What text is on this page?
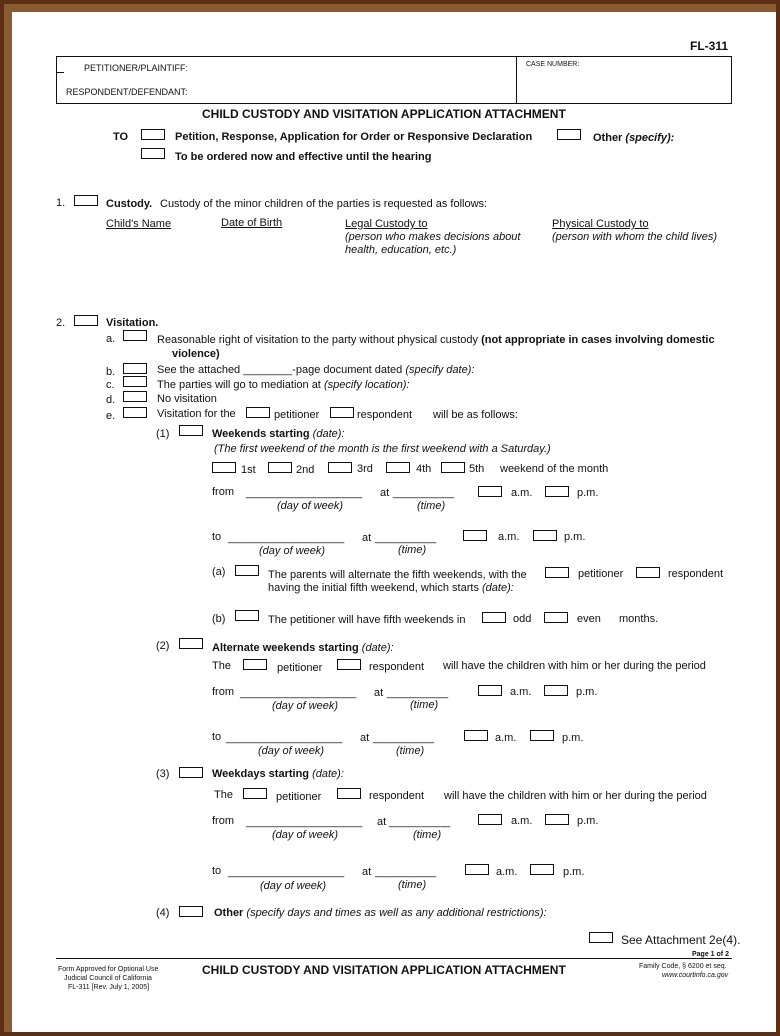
FL-311
PETITIONER/PLAINTIFF:
RESPONDENT/DEFENDANT:
CASE NUMBER:
CHILD CUSTODY AND VISITATION APPLICATION ATTACHMENT
TO	Petition, Response, Application for Order or Responsive Declaration	Other (specify):
To be ordered now and effective until the hearing
1.	Custody. Custody of the minor children of the parties is requested as follows:
Child's Name	Date of Birth	Legal Custody to
(person who makes decisions about
health, education, etc.)
Physical Custody to
(person with whom the child lives)
2.	Visitation.
a.	Reasonable right of visitation to the party without physical custody (not appropriate in cases involving domestic
violence)
b.	See the attached ________-page document dated (specify date):
c.	The parties will go to mediation at (specify location):
d.	No visitation
e.	Visitation for the	petitioner	respondent will be as follows:
(1)	Weekends starting (date):
(The first weekend of the month is the first weekend with a Saturday.)
1st	2nd	3rd	4th	5th weekend of the month
from ___________________ at __________	a.m.	p.m.
(day of week)	(time)
to ___________________ at __________	a.m.	p.m.
(day of week)	(time)
(a)	The parents will alternate the fifth weekends, with the	petitioner	respondent
having the initial fifth weekend, which starts (date):
(b)	The petitioner will have fifth weekends in	odd	even months.
(2)	Alternate weekends starting (date):
The	petitioner	respondent will have the children with him or her during the period
from ___________________ at __________	a.m.	p.m.
(day of week)	(time)
to ___________________ at __________	a.m.	p.m.
(day of week)	(time)
(3)	Weekdays starting (date):
The	petitioner	respondent will have the children with him or her during the period
from ___________________ at __________	a.m.	p.m.
(day of week)	(time)
to ___________________ at __________	a.m.	p.m.
(day of week)	(time)
(4)	Other (specify days and times as well as any additional restrictions):
See Attachment 2e(4).
Page 1 of 2
Form Approved for Optional Use
Judicial Council of California
FL-311 [Rev. July 1, 2005]
CHILD CUSTODY AND VISITATION APPLICATION ATTACHMENT	Family Code, § 6200 et seq.
www.courtinfo.ca.gov
